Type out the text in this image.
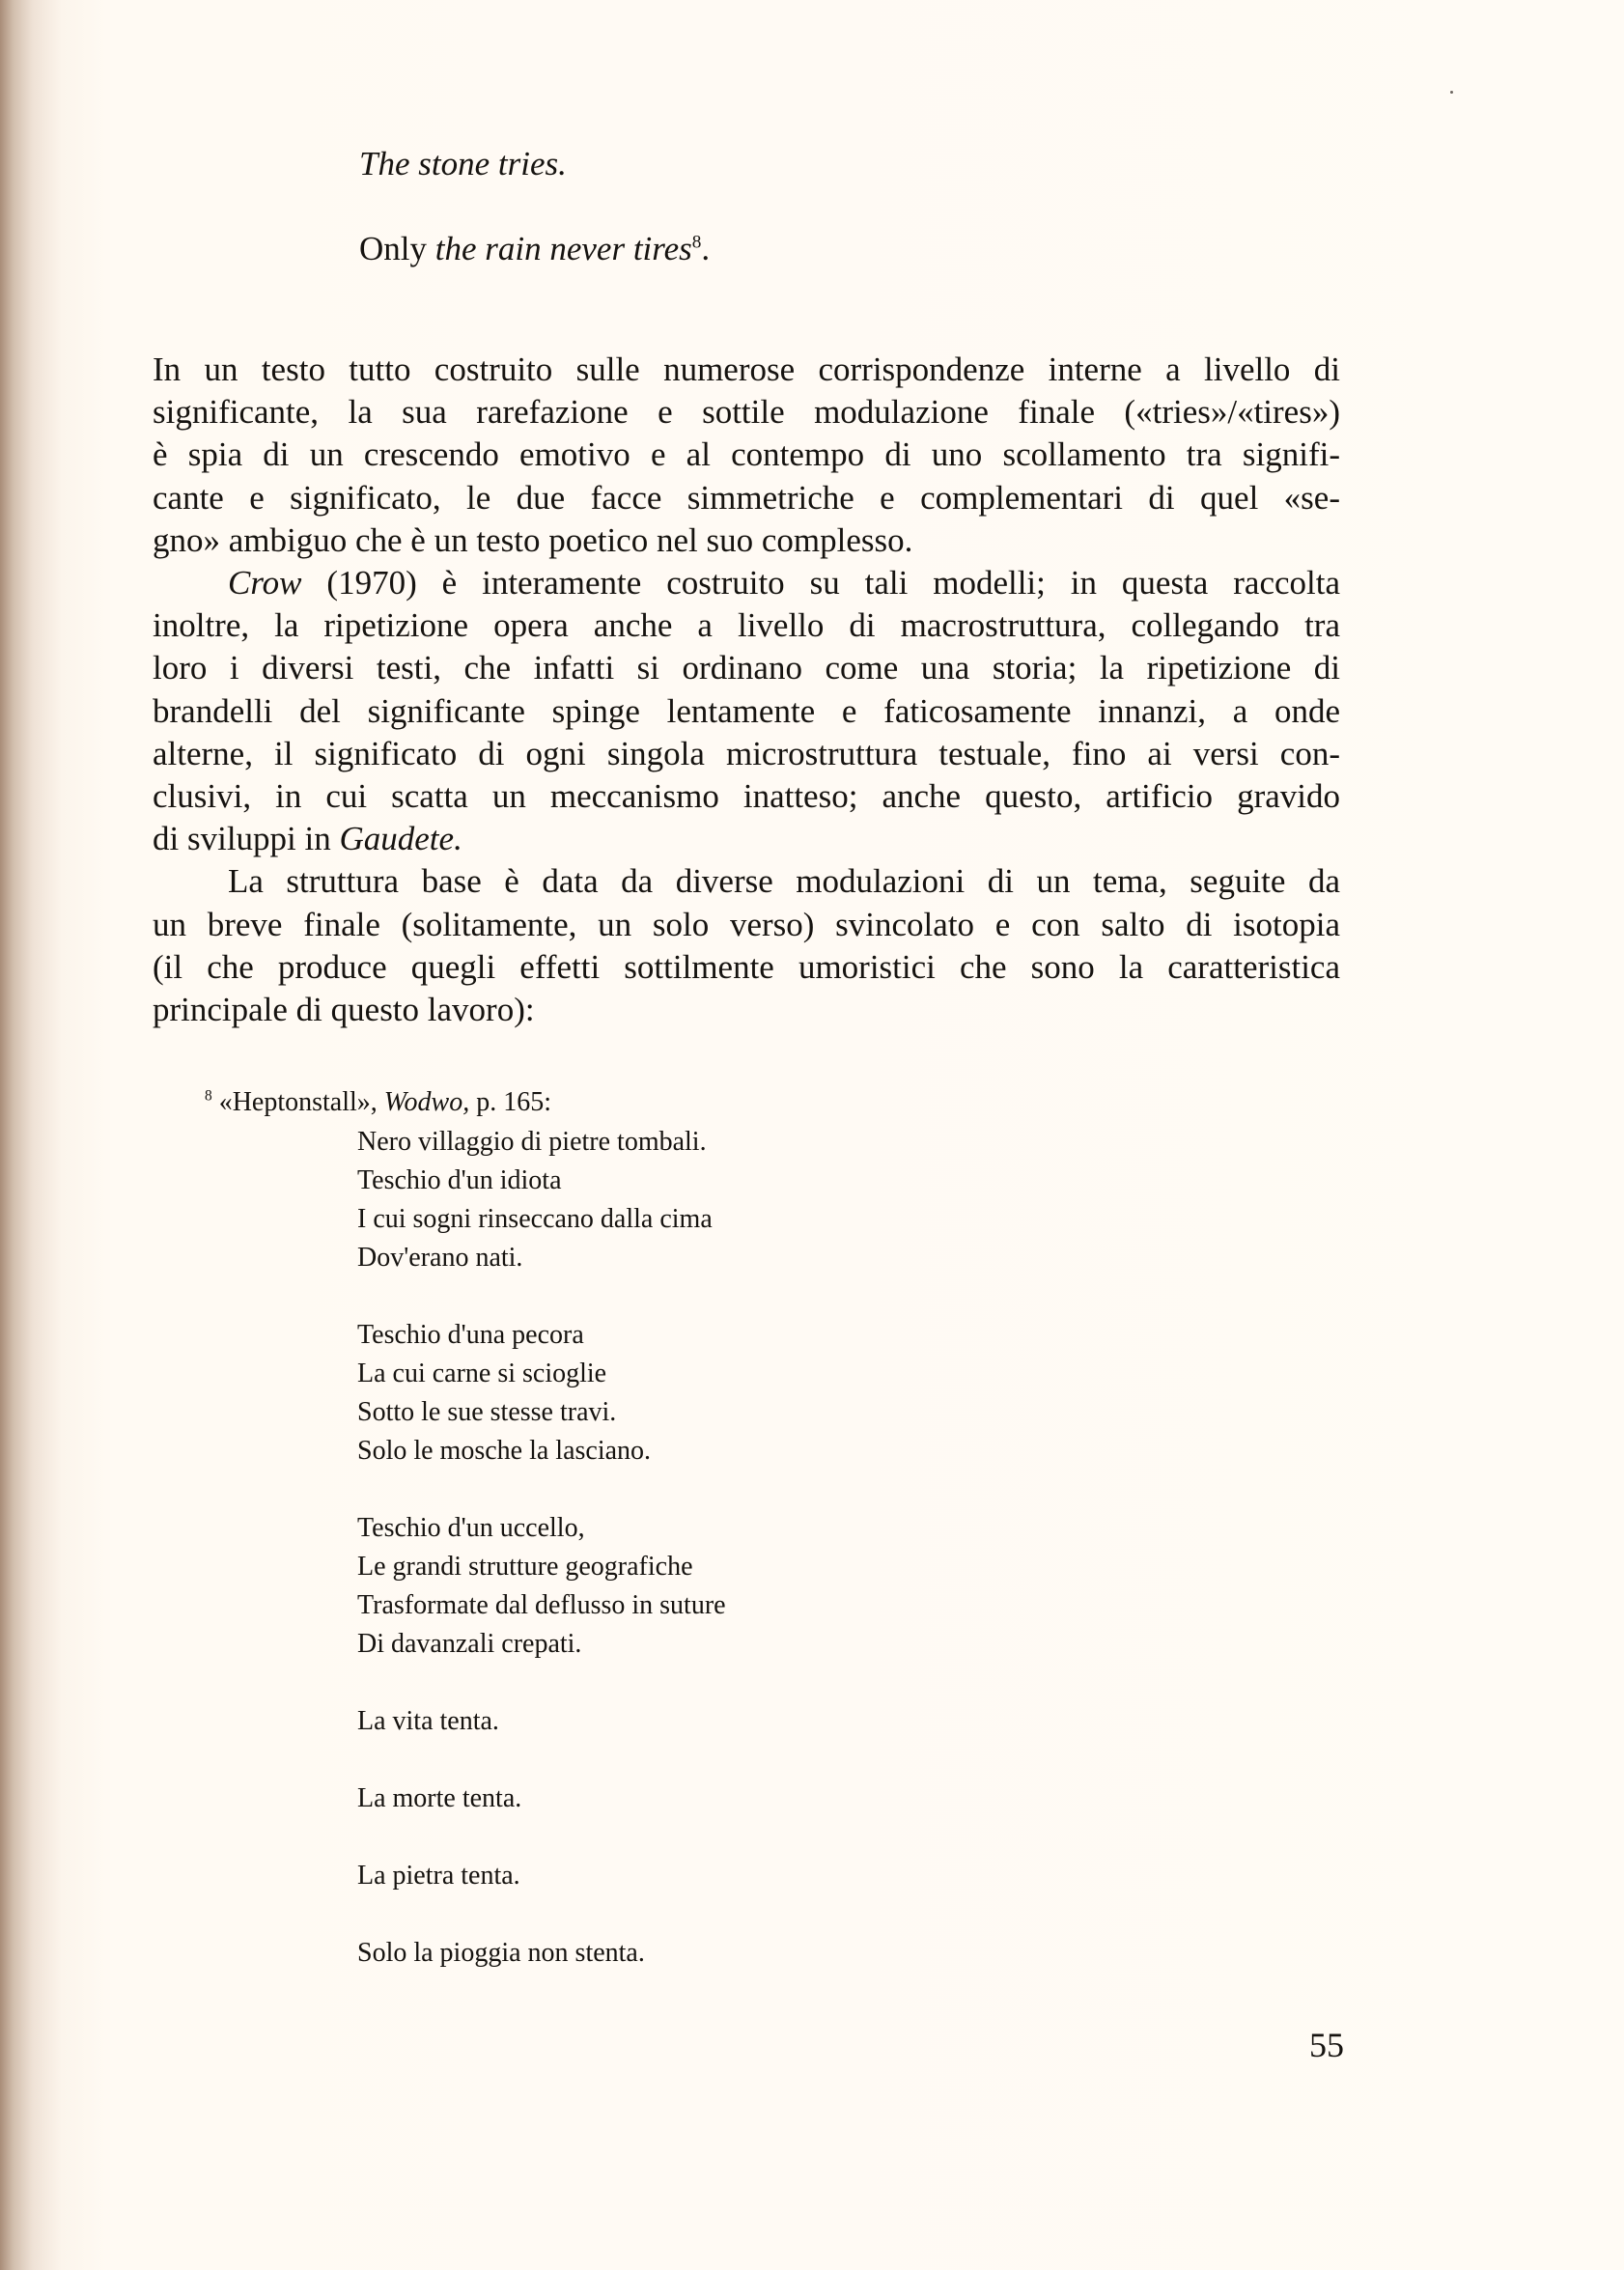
The stone tries.

Only the rain never tires$^8$.

In un testo tutto costruito sulle numerose corrispondenze interne a livello di
significante, la sua rarefazione e sottile modulazione finale («tries»/«tires»)
è spia di un crescendo emotivo e al contempo di uno scollamento tra signifi-
cante e significato, le due facce simmetriche e complementari di quel «se-
gno» ambiguo che è un testo poetico nel suo complesso.

Crow (1970) è interamente costruito su tali modelli; in questa raccolta
inoltre, la ripetizione opera anche a livello di macrostruttura, collegando tra
loro i diversi testi, che infatti si ordinano come una storia; la ripetizione di
brandelli del significante spinge lentamente e faticosamente innanzi, a onde
alterne, il significato di ogni singola microstruttura testuale, fino ai versi con-
clusivi, in cui scatta un meccanismo inatteso; anche questo, artificio gravido
di sviluppi in Gaudete.

La struttura base è data da diverse modulazioni di un tema, seguite da
un breve finale (solitamente, un solo verso) svincolato e con salto di isotopia
(il che produce quegli effetti sottilmente umoristici che sono la caratteristica
principale di questo lavoro):

$^8$ «Heptonstall», Wodwo, p. 165:
Nero villaggio di pietre tombali.
Teschio d'un idiota
I cui sogni rinseccano dalla cima
Dov'erano nati.
Teschio d'una pecora
La cui carne si scioglie
Sotto le sue stesse travi.
Solo le mosche la lasciano.
Teschio d'un uccello,
Le grandi strutture geografiche
Trasformate dal deflusso in suture
Di davanzali crepati.
La vita tenta.
La morte tenta.
La pietra tenta.
Solo la pioggia non stenta.
55
